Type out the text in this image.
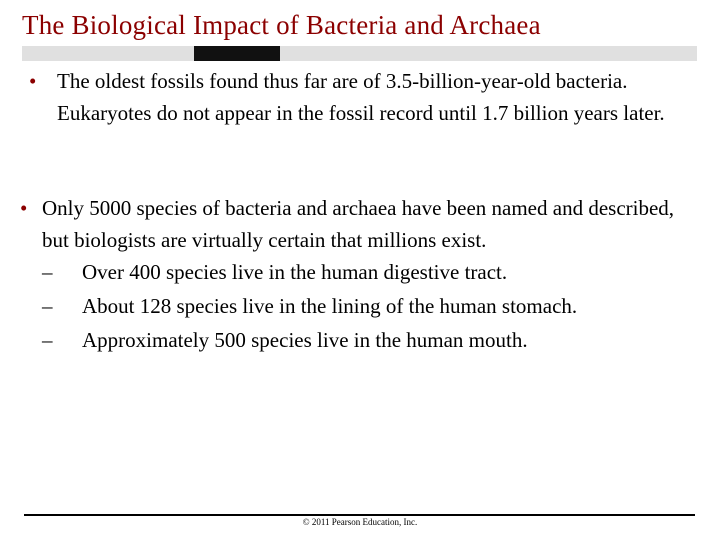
The Biological Impact of Bacteria and Archaea
• The oldest fossils found thus far are of 3.5-billion-year-old bacteria. Eukaryotes do not appear in the fossil record until 1.7 billion years later.
• Only 5000 species of bacteria and archaea have been named and described, but biologists are virtually certain that millions exist.
– Over 400 species live in the human digestive tract.
– About 128 species live in the lining of the human stomach.
– Approximately 500 species live in the human mouth.
© 2011 Pearson Education, Inc.
